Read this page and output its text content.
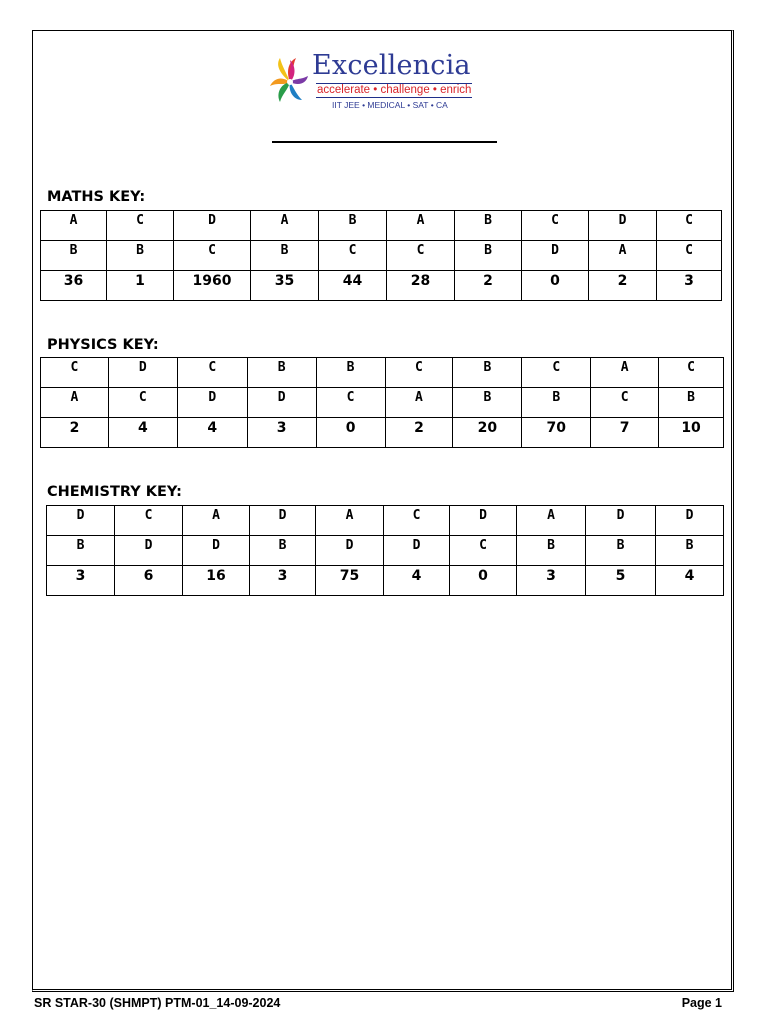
Excellencia
accelerate • challenge • enrich
IIT JEE • MEDICAL • SAT • CA
MATHS KEY:
A	C	D	A	B	A	B	C	D	C
B	B	C	B	C	C	B	D	A	C
36	1	1960	35	44	28	2	0	2	3
PHYSICS KEY:
C	D	C	B	B	C	B	C	A	C
A	C	D	D	C	A	B	B	C	B
2	4	4	3	0	2	20	70	7	10
CHEMISTRY KEY:
D	C	A	D	A	C	D	A	D	D
B	D	D	B	D	D	C	B	B	B
3	6	16	3	75	4	0	3	5	4
SR STAR-30 (SHMPT) PTM-01_14-09-2024	Page 1
